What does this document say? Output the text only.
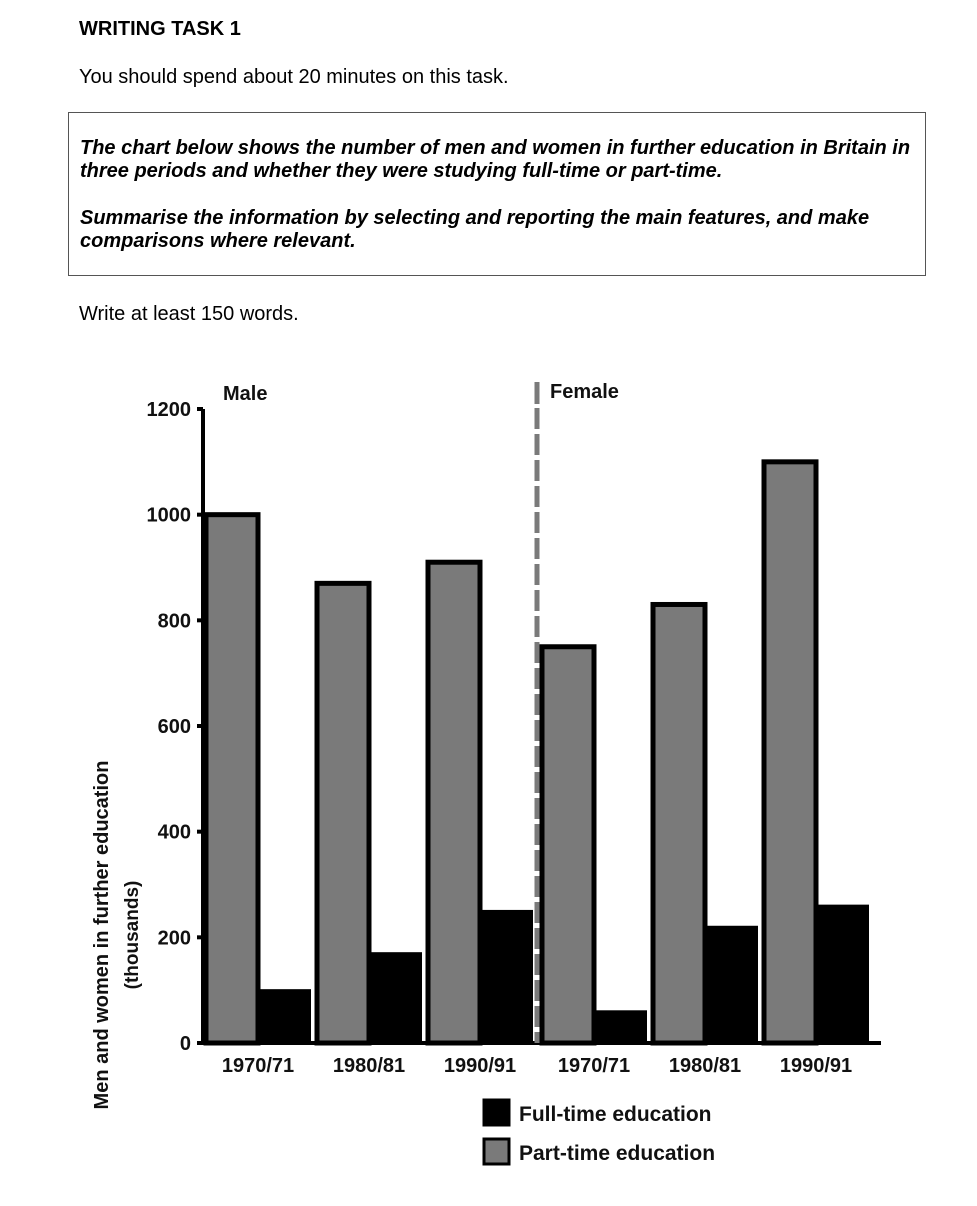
WRITING TASK 1

You should spend about 20 minutes on this task.

The chart below shows the number of men and women in further education in Britain in three periods and whether they were studying full-time or part-time.

Summarise the information by selecting and reporting the main features, and make comparisons where relevant.

Write at least 150 words.

0
200
400
600
800
1000
1200
Men and women in further education (thousands)
1970/71 1980/81 1990/91 1970/71 1980/81 1990/91
Male	Female
Full-time education
Part-time education
